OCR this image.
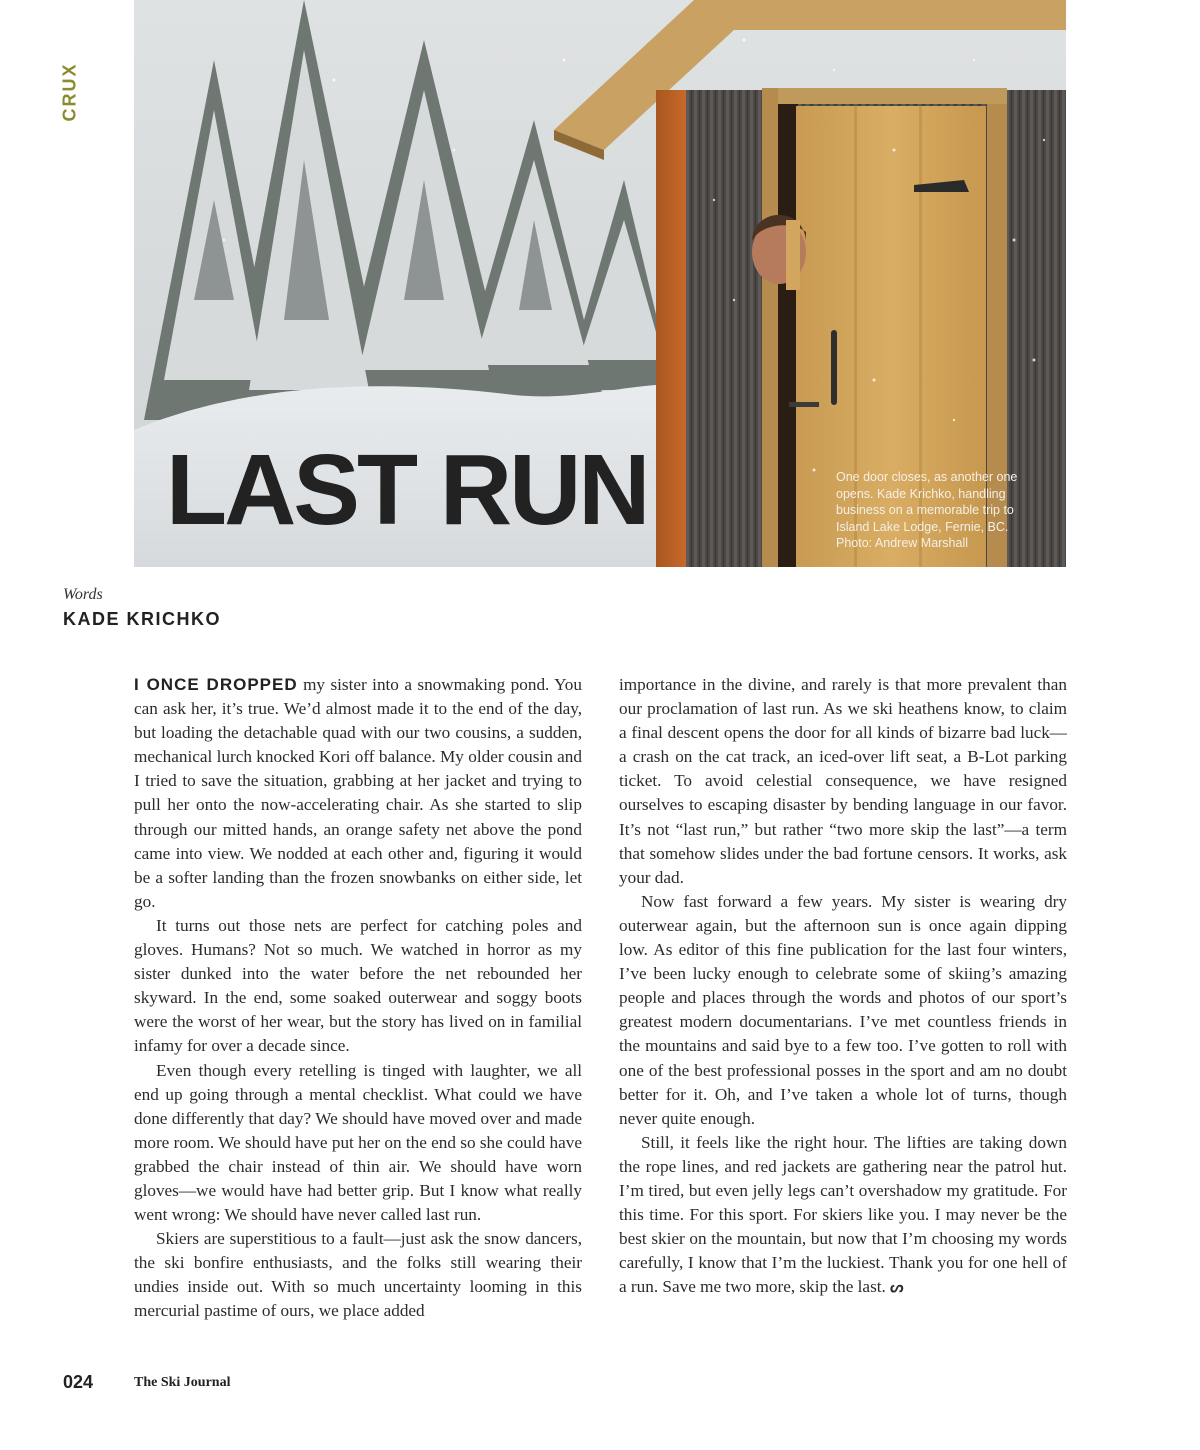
CRUX
LAST RUN	One door closes, as another one
opens. Kade Krichko, handling
business on a memorable trip to
Island Lake Lodge, Fernie, BC.
Photo: Andrew Marshall
Words
KADE KRICHKO

I ONCE DROPPED my sister into a snowmaking pond. You can ask her, it’s true. We’d almost made it to the end of the day, but loading the detachable quad with our two cousins, a sudden, mechanical lurch knocked Kori off balance. My older cousin and I tried to save the situation, grabbing at her jacket and trying to pull her onto the now-accelerating chair. As she started to slip through our mitted hands, an orange safety net above the pond came into view. We nodded at each other and, figuring it would be a softer landing than the frozen snowbanks on either side, let go.

It turns out those nets are perfect for catching poles and gloves. Humans? Not so much. We watched in horror as my sister dunked into the water before the net rebounded her skyward. In the end, some soaked outerwear and soggy boots were the worst of her wear, but the story has lived on in familial infamy for over a decade since.

Even though every retelling is tinged with laughter, we all end up going through a mental checklist. What could we have done differently that day? We should have moved over and made more room. We should have put her on the end so she could have grabbed the chair instead of thin air. We should have worn gloves—we would have had better grip. But I know what really went wrong: We should have never called last run.

Skiers are superstitious to a fault—just ask the snow dancers, the ski bonfire enthusiasts, and the folks still wearing their undies inside out. With so much uncertainty looming in this mercurial pastime of ours, we place added

importance in the divine, and rarely is that more prevalent than our proclamation of last run. As we ski heathens know, to claim a final descent opens the door for all kinds of bizarre bad luck—a crash on the cat track, an iced-over lift seat, a B-Lot parking ticket. To avoid celestial consequence, we have resigned ourselves to escaping disaster by bending language in our favor. It’s not “last run,” but rather “two more skip the last”—a term that somehow slides under the bad fortune censors. It works, ask your dad.

Now fast forward a few years. My sister is wearing dry outerwear again, but the afternoon sun is once again dipping low. As editor of this fine publication for the last four winters, I’ve been lucky enough to celebrate some of skiing’s amazing people and places through the words and photos of our sport’s greatest modern documentarians. I’ve met countless friends in the mountains and said bye to a few too. I’ve gotten to roll with one of the best professional posses in the sport and am no doubt better for it. Oh, and I’ve taken a whole lot of turns, though never quite enough.

Still, it feels like the right hour. The lifties are taking down the rope lines, and red jackets are gathering near the patrol hut. I’m tired, but even jelly legs can’t overshadow my gratitude. For this time. For this sport. For skiers like you. I may never be the best skier on the mountain, but now that I’m choosing my words carefully, I know that I’m the luckiest. Thank you for one hell of a run. Save me two more, skip the last. ᔕ

024	The Ski Journal
